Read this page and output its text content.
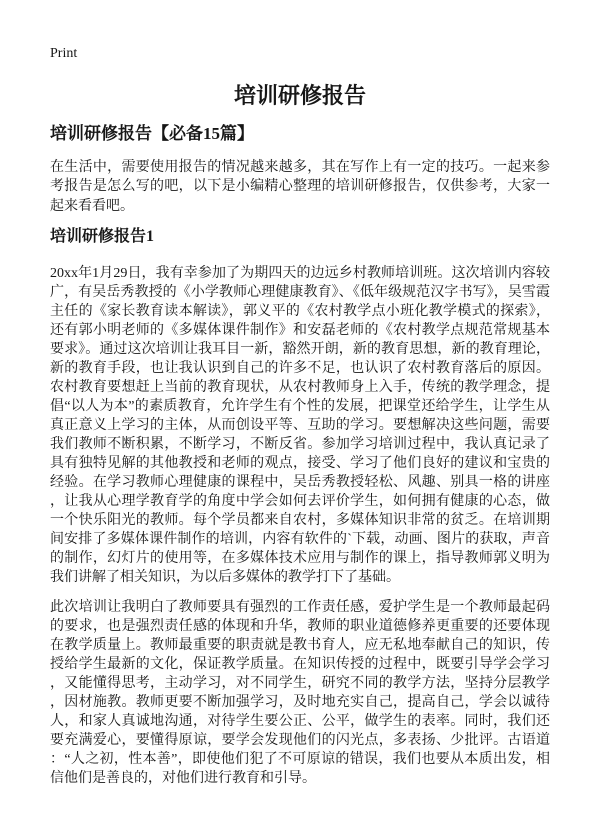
Print
培训研修报告
培训研修报告【必备15篇】

在生活中，需要使用报告的情况越来越多，其在写作上有一定的技巧。一起来参考报告是怎么写的吧，以下是小编精心整理的培训研修报告，仅供参考，大家一起来看看吧。

培训研修报告1

20xx年1月29日，我有幸参加了为期四天的边远乡村教师培训班。这次培训内容较广，有吴岳秀教授的《小学教师心理健康教育》、《低年级规范汉字书写》，吴雪霞主任的《家长教育读本解读》，郭义平的《农村教学点小班化教学模式的探索》，还有郭小明老师的《多媒体课件制作》和安磊老师的《农村教学点规范常规基本要求》。通过这次培训让我耳目一新，豁然开朗，新的教育思想，新的教育理论，新的教育手段，也让我认识到自己的许多不足，也认识了农村教育落后的原因。农村教育要想赶上当前的教育现状，从农村教师身上入手，传统的教学理念，提倡“以人为本”的素质教育，允许学生有个性的发展，把课堂还给学生，让学生从真正意义上学习的主体，从而创设平等、互助的学习。要想解决这些问题，需要我们教师不断积累，不断学习，不断反省。参加学习培训过程中，我认真记录了具有独特见解的其他教授和老师的观点，接受、学习了他们良好的建议和宝贵的经验。在学习教师心理健康的课程中，吴岳秀教授轻松、风趣、别具一格的讲座，让我从心理学教育学的角度中学会如何去评价学生，如何拥有健康的心态，做一个快乐阳光的教师。每个学员都来自农村，多媒体知识非常的贫乏。在培训期间安排了多媒体课件制作的培训，内容有软件的`下载，动画、图片的获取，声音的制作，幻灯片的使用等，在多媒体技术应用与制作的课上，指导教师郭义明为我们讲解了相关知识，为以后多媒体的教学打下了基础。

此次培训让我明白了教师要具有强烈的工作责任感，爱护学生是一个教师最起码的要求，也是强烈责任感的体现和升华，教师的职业道德修养更重要的还要体现在教学质量上。教师最重要的职责就是教书育人，应无私地奉献自己的知识，传授给学生最新的文化，保证教学质量。在知识传授的过程中，既要引导学会学习，又能懂得思考，主动学习，对不同学生，研究不同的教学方法，坚持分层教学，因材施教。教师更要不断加强学习，及时地充实自己，提高自己，学会以诚待人，和家人真诚地沟通，对待学生要公正、公平，做学生的表率。同时，我们还要充满爱心，要懂得原谅，要学会发现他们的闪光点，多表扬、少批评。古语道：“人之初，性本善”，即使他们犯了不可原谅的错误，我们也要从本质出发，相信他们是善良的，对他们进行教育和引导。
